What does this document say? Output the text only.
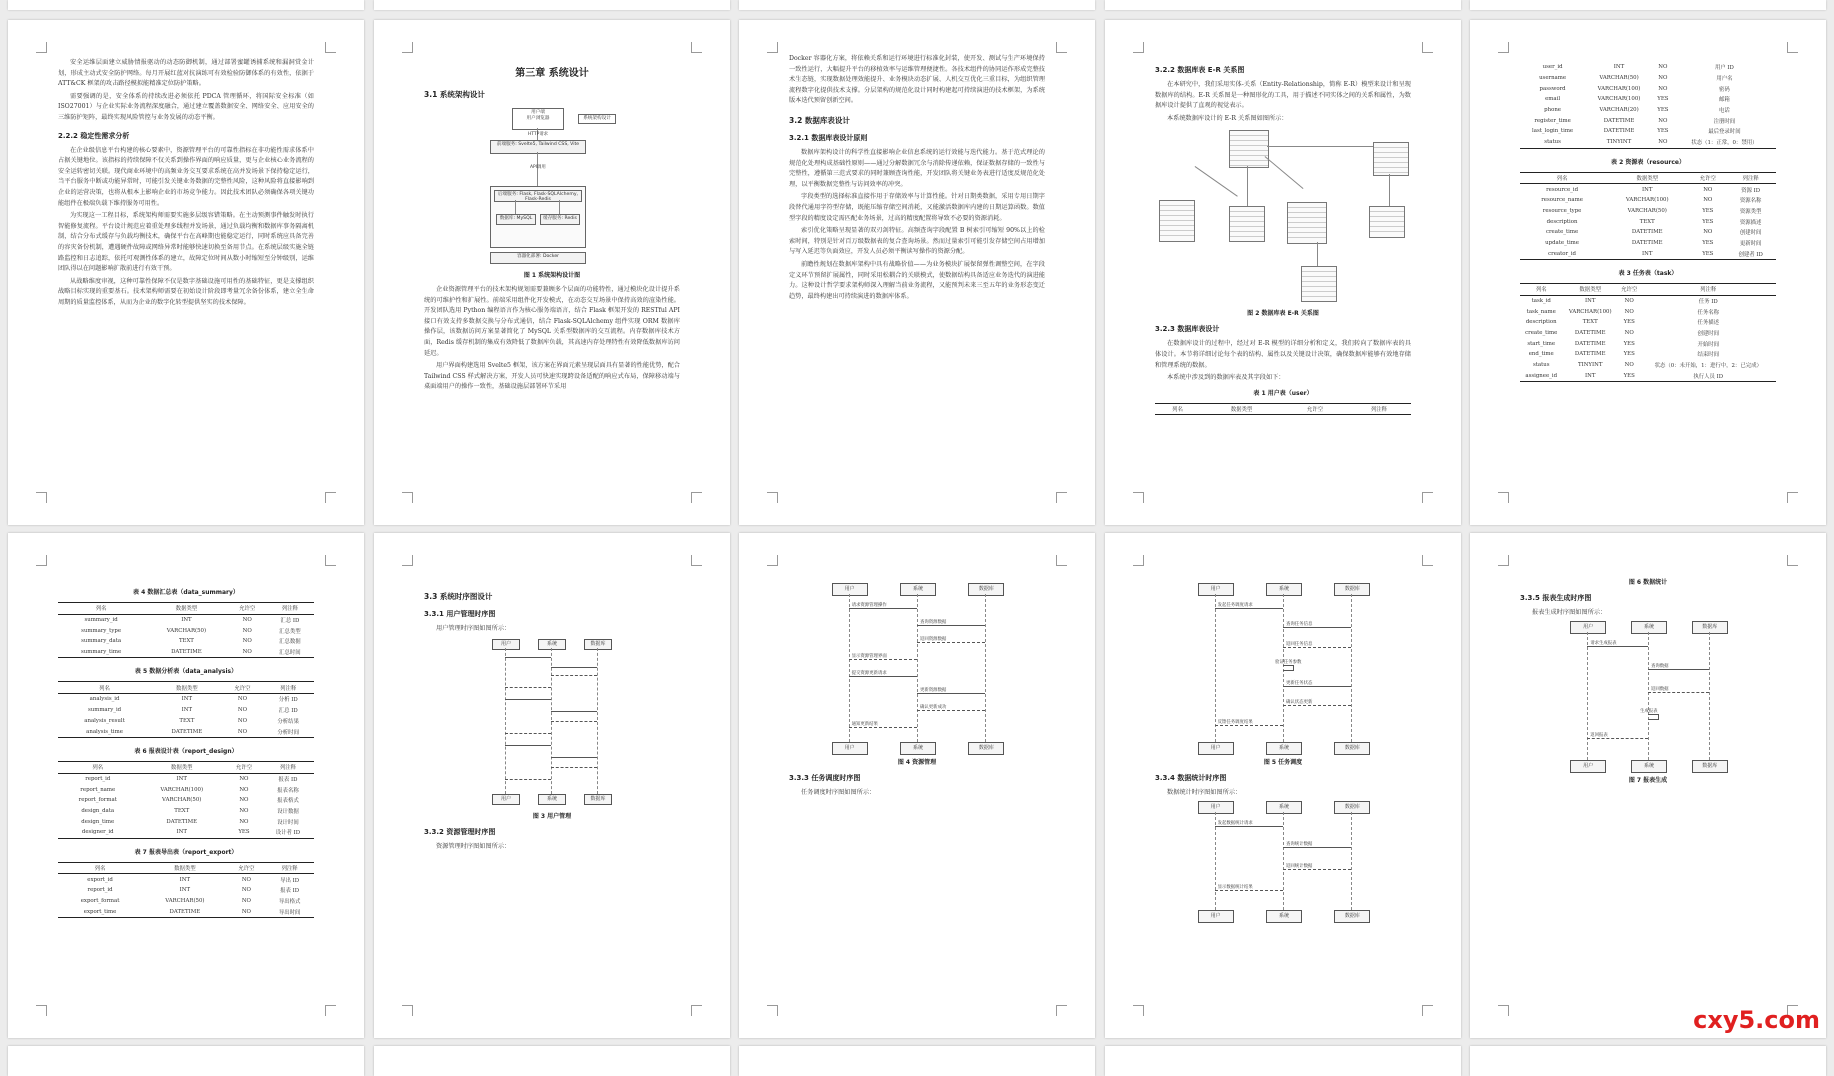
安全运维层面建立威胁情报驱动的动态防御机制，通过部署蜜罐诱捕系统和漏洞赏金计划，形成主动式安全防护网络。每月开展红蓝对抗演练可有效检验防御体系的有效性，依据于 ATT&CK 框架的攻击路径模拟能精准定位防护策略。

需要强调的是，安全体系的持续改进必须依托 PDCA 管理循环，将国际安全标准（如 ISO27001）与企业实际业务流程深度融合，通过建立覆盖数据安全、网络安全、应用安全的三维防护矩阵，最终实现风险管控与业务发展的动态平衡。

2.2.2 稳定性需求分析

在企业级信息平台构建的核心要素中，资源管理平台的可靠性指标在非功能性需求体系中占据关键地位。该指标的持续保障不仅关系到操作界面的响应质量，更与企业核心业务流程的安全运转密切关联。现代商业环境中的高频业务交互要求系统在高并发场景下保持稳定运行，当平台服务中断或功能异常时，可能引发关键业务数据的完整性风险，这种风险将直接影响到企业的运营决策，也将从根本上影响企业的市场竞争能力。因此技术团队必须确保各项关键功能组件在极端负载下维持服务可用性。

为实现这一工程目标，系统架构师需要实施多层级容错策略。在主动预测事件触发时执行智能修复流程。平台设计规范应着重处理多线程并发场景，通过负载均衡和数据库事务隔离机制，结合分布式缓存与负载均衡技术，确保平台在高峰期也能稳定运行，同时系统应具备完善的容灾备份机制，遭遇硬件故障或网络异常时能够快速切换至备用节点。在系统层级实施全链路监控和日志追踪，依托可观测性体系的建立，故障定位时间从数小时缩短至分钟级别，运维团队得以在问题影响扩散前进行有效干预。

从战略维度审视，这种可靠性保障不仅是数字基础设施可用性的基础特征，更是支撑组织战略目标实现的重要基石。技术架构师需要在初始设计阶段即考量冗余备份体系，建立全生命周期的质量监控体系，从而为企业的数字化转型提供坚实的技术保障。

第三章 系统设计
3.1 系统架构设计
用户端
用户浏览器	系统架构设计
HTTP请求
前端服务: Svelte5, Tailwind CSS, Vite
API调用
后端服务: Flask, Flask-SQLAlchemy, Flask-Redis
数据库: MySQL	缓存服务: Redis
容器化部署: Docker
图 1 系统架构设计图

企业资源管理平台的技术架构规划需要兼顾多个层面的功能特性，通过模块化设计提升系统的可维护性和扩展性。前端采用组件化开发模式，在动态交互场景中保持高效的渲染性能。开发团队选用 Python 编程语言作为核心服务端语言，结合 Flask 框架开发的 RESTful API 接口有效支持多数据交换与分布式通信，结合 Flask-SQLAlchemy 组件实现 ORM 数据库操作层，该数据访问方案显著简化了 MySQL 关系型数据库的交互流程。内存数据库技术方面，Redis 缓存机制的集成有效降低了数据库负载，其高速内存处理特性有效降低数据库访问延迟。

用户界面构建选用 Svelte5 框架，该方案在界面元素呈现层面具有显著的性能优势，配合 Tailwind CSS 样式解决方案，开发人员可快速实现跨设备适配的响应式布局，保障移动端与桌面端用户的操作一致性，基础设施层部署环节采用

Docker 容器化方案，将依赖关系和运行环境进行标准化封装，使开发、测试与生产环境保持一致性运行，大幅提升平台的移植效率与运维管理便捷性。各技术组件的协同运作形成完整技术生态链，实现数据处理效能提升、业务模块动态扩展、人机交互优化三重目标，为组织管理流程数字化提供技术支撑。分层架构的规范化设计同时构建起可持续演进的技术框架，为系统版本迭代预留创新空间。

3.2 数据库表设计
3.2.1 数据库表设计原则

数据库架构设计的科学性直接影响企业信息系统的运行效能与迭代能力。基于范式理论的规范化处理构成基础性原则——通过分解数据冗余与消除传递依赖，保证数据存储的一致性与完整性，遵循第三范式要求的同时兼顾查询性能，开发团队将关键业务表进行适度反规范化处理，以平衡数据完整性与访问效率的冲突。

字段类型的选择标准直接作用于存储效率与计算性能。针对日期类数据，采用专用日期字段替代通用字符型存储，既能压缩存储空间消耗，又能激活数据库内建的日期运算函数。数值型字段的精度设定需匹配业务场景，过高的精度配置将导致不必要的资源消耗。

索引优化策略呈现显著的双刃剑特征。高频查询字段配置 B 树索引可缩短 90%以上的检索时间，特别是针对百万级数据表的复合查询场景。然而过量索引可能引发存储空间占用增加与写入延迟等负面效应，开发人员必须平衡读写操作的资源分配。

前瞻性规划在数据库架构中具有战略价值——为业务模块扩展保留弹性调整空间，在字段定义环节预留扩展属性，同时采用松耦合的关联模式，使数据结构具备适应业务迭代的演进能力。这种设计哲学要求架构师深入理解当前业务流程，又能预判未来三至五年的业务形态变迁趋势，最终构建出可持续演进的数据库体系。

3.2.2 数据库表 E-R 关系图

在本研究中，我们采用实体-关系（Entity-Relationship，简称 E-R）模型来设计和呈现数据库的结构。E-R 关系图是一种图形化的工具，用于描述不同实体之间的关系和属性，为数据库设计提供了直观的视觉表示。

本系统数据库设计的 E-R 关系图如图所示：

图 2 数据库表 E-R 关系图
3.2.3 数据库表设计

在数据库设计的过程中，经过对 E-R 模型的详细分析和定义，我们转向了数据库表的具体设计。本节将详细讨论每个表的结构、属性以及关键设计决策，确保数据库能够有效地存储和管理系统的数据。

本系统中涉及到的数据库表及其字段如下：

表 1 用户表（user）
列名	数据类型	允许空	列注释
user_id	INT	NO	用户 ID
username	VARCHAR(50)	NO	用户名
password	VARCHAR(100)	NO	密码
email	VARCHAR(100)	YES	邮箱
phone	VARCHAR(20)	YES	电话
register_time	DATETIME	NO	注册时间
last_login_time	DATETIME	YES	最后登录时间
status	TINYINT	NO	状态（1：正常，0：禁用）
表 2 资源表（resource）
列名	数据类型	允许空	列注释
resource_id	INT	NO	资源 ID
resource_name	VARCHAR(100)	NO	资源名称
resource_type	VARCHAR(50)	YES	资源类型
description	TEXT	YES	资源描述
create_time	DATETIME	NO	创建时间
update_time	DATETIME	YES	更新时间
creator_id	INT	YES	创建者 ID
表 3 任务表（task）
列名	数据类型	允许空	列注释
task_id	INT	NO	任务 ID
task_name	VARCHAR(100)	NO	任务名称
description	TEXT	YES	任务描述
create_time	DATETIME	NO	创建时间
start_time	DATETIME	YES	开始时间
end_time	DATETIME	YES	结束时间
status	TINYINT	NO	状态（0：未开始，1：进行中，2：已完成）
assignee_id	INT	YES	执行人员 ID
表 4 数据汇总表（data_summary）
列名	数据类型	允许空	列注释
summary_id	INT	NO	汇总 ID
summary_type	VARCHAR(50)	NO	汇总类型
summary_data	TEXT	NO	汇总数据
summary_time	DATETIME	NO	汇总时间
表 5 数据分析表（data_analysis）
列名	数据类型	允许空	列注释
analysis_id	INT	NO	分析 ID
summary_id	INT	NO	汇总 ID
analysis_result	TEXT	NO	分析结果
analysis_time	DATETIME	NO	分析时间
表 6 报表设计表（report_design）
列名	数据类型	允许空	列注释
report_id	INT	NO	报表 ID
report_name	VARCHAR(100)	NO	报表名称
report_format	VARCHAR(50)	NO	报表格式
design_data	TEXT	NO	设计数据
design_time	DATETIME	NO	设计时间
designer_id	INT	YES	设计者 ID
表 7 报表导出表（report_export）
列名	数据类型	允许空	列注释
export_id	INT	NO	导出 ID
report_id	INT	NO	报表 ID
export_format	VARCHAR(50)	NO	导出格式
export_time	DATETIME	NO	导出时间
3.3 系统时序图设计
3.3.1 用户管理时序图

用户管理时序图如图所示：

用户	系统	数据库
用户	系统	数据库
图 3 用户管理
3.3.2 资源管理时序图

资源管理时序图如图所示：

用户	系统	数据库
用户	系统	数据库
请求资源管理操作
查询资源数据
返回资源数据
显示资源管理界面
提交资源更新请求
更新资源数据
确认更新成功
通知更新结果
图 4 资源管理
3.3.3 任务调度时序图

任务调度时序图如图所示：

用户	系统	数据库
用户	系统	数据库
发起任务调度请求
查询任务信息
返回任务信息
验证任务参数
更新任务状态
确认状态更新
反馈任务调度结果
图 5 任务调度
3.3.4 数据统计时序图

数据统计时序图如图所示：

用户	系统	数据库
用户	系统	数据库
发起数据统计请求
查询统计数据
返回统计数据
显示数据统计结果
图 6 数据统计
3.3.5 报表生成时序图

报表生成时序图如图所示：

用户	系统	数据库
用户	系统	数据库
请求生成报表
查询数据
返回数据
生成报表
返回报表
图 7 报表生成
cxy5.com
